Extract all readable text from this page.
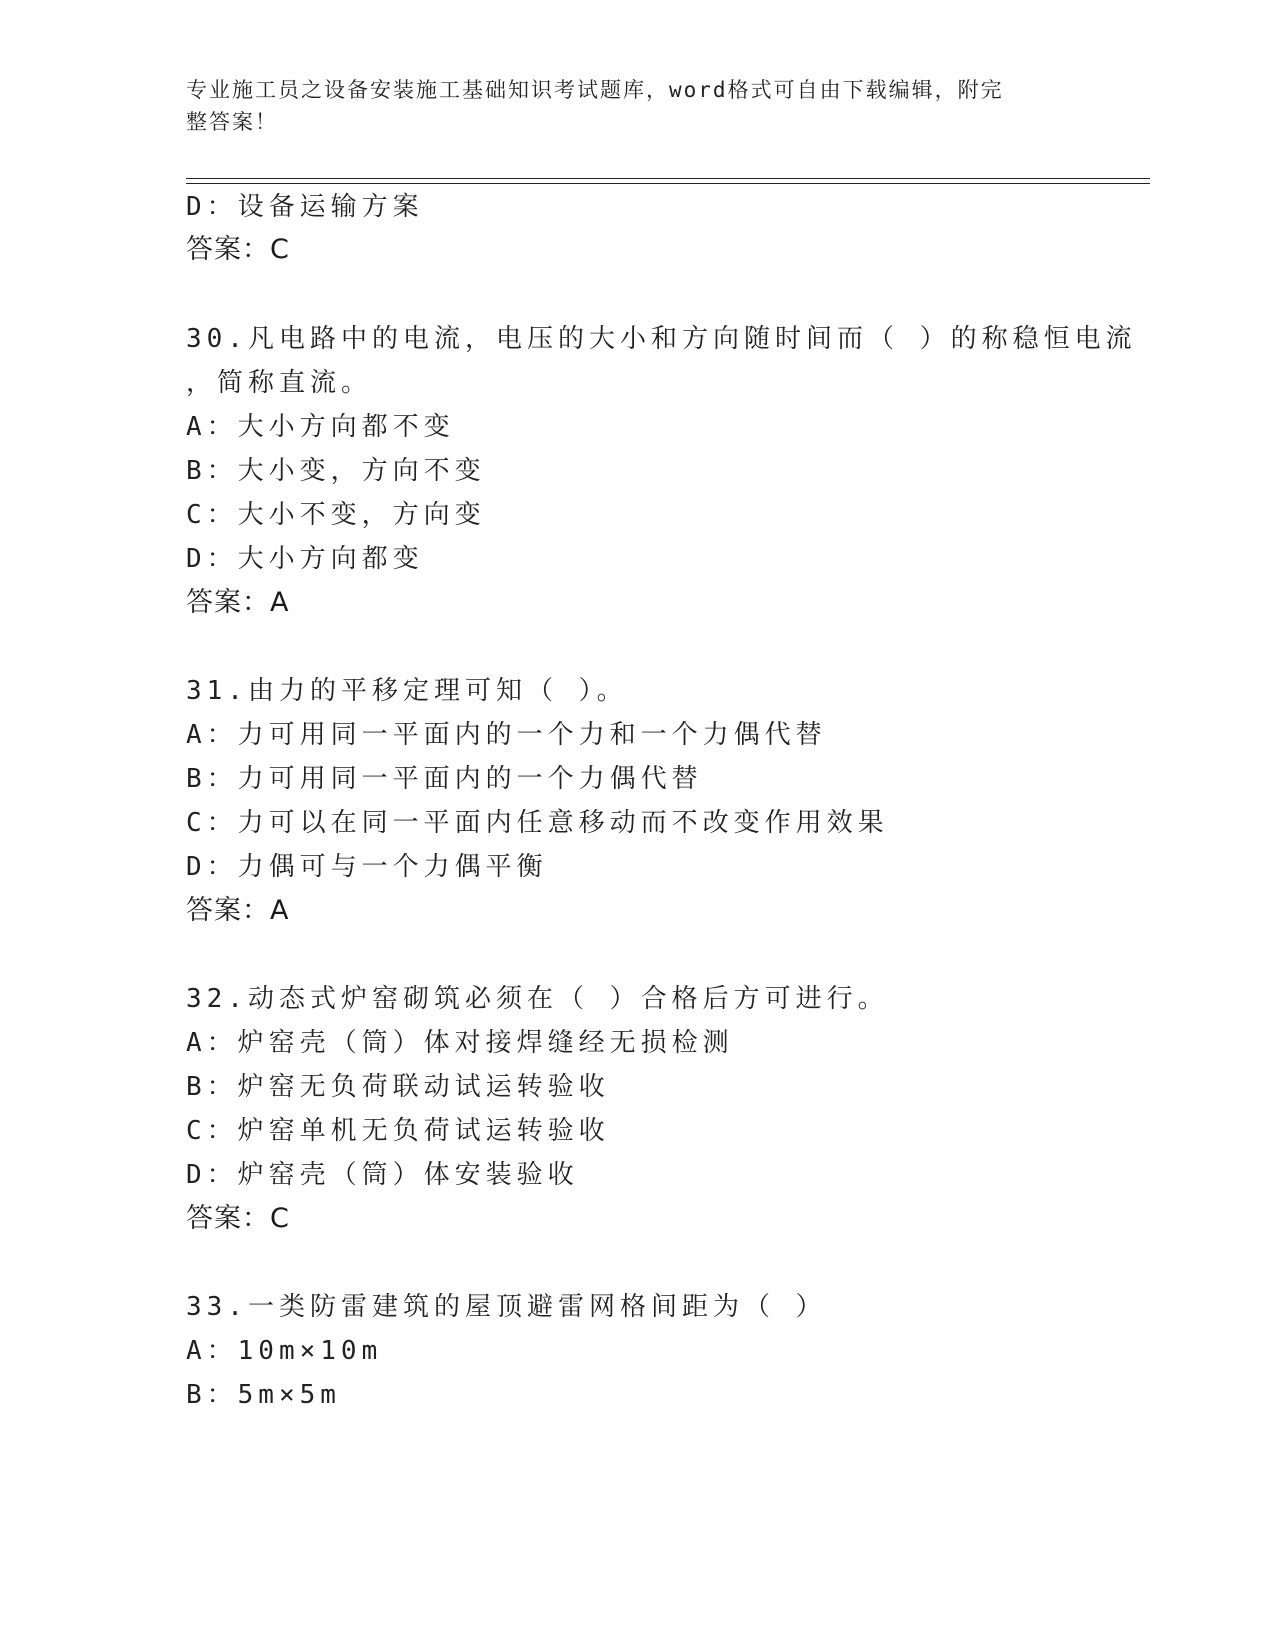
专业施工员之设备安装施工基础知识考试题库，word格式可自由下载编辑，附完
整答案！
D：设备运输方案
答案：C
30.凡电路中的电流，电压的大小和方向随时间而（ ）的称稳恒电流
，简称直流。
A：大小方向都不变
B：大小变，方向不变
C：大小不变，方向变
D：大小方向都变
答案：A
31.由力的平移定理可知（ ）。
A：力可用同一平面内的一个力和一个力偶代替
B：力可用同一平面内的一个力偶代替
C：力可以在同一平面内任意移动而不改变作用效果
D：力偶可与一个力偶平衡
答案：A
32.动态式炉窑砌筑必须在（ ）合格后方可进行。
A：炉窑壳（筒）体对接焊缝经无损检测
B：炉窑无负荷联动试运转验收
C：炉窑单机无负荷试运转验收
D：炉窑壳（筒）体安装验收
答案：C
33.一类防雷建筑的屋顶避雷网格间距为（ ）
A：10m×10m
B：5m×5m
